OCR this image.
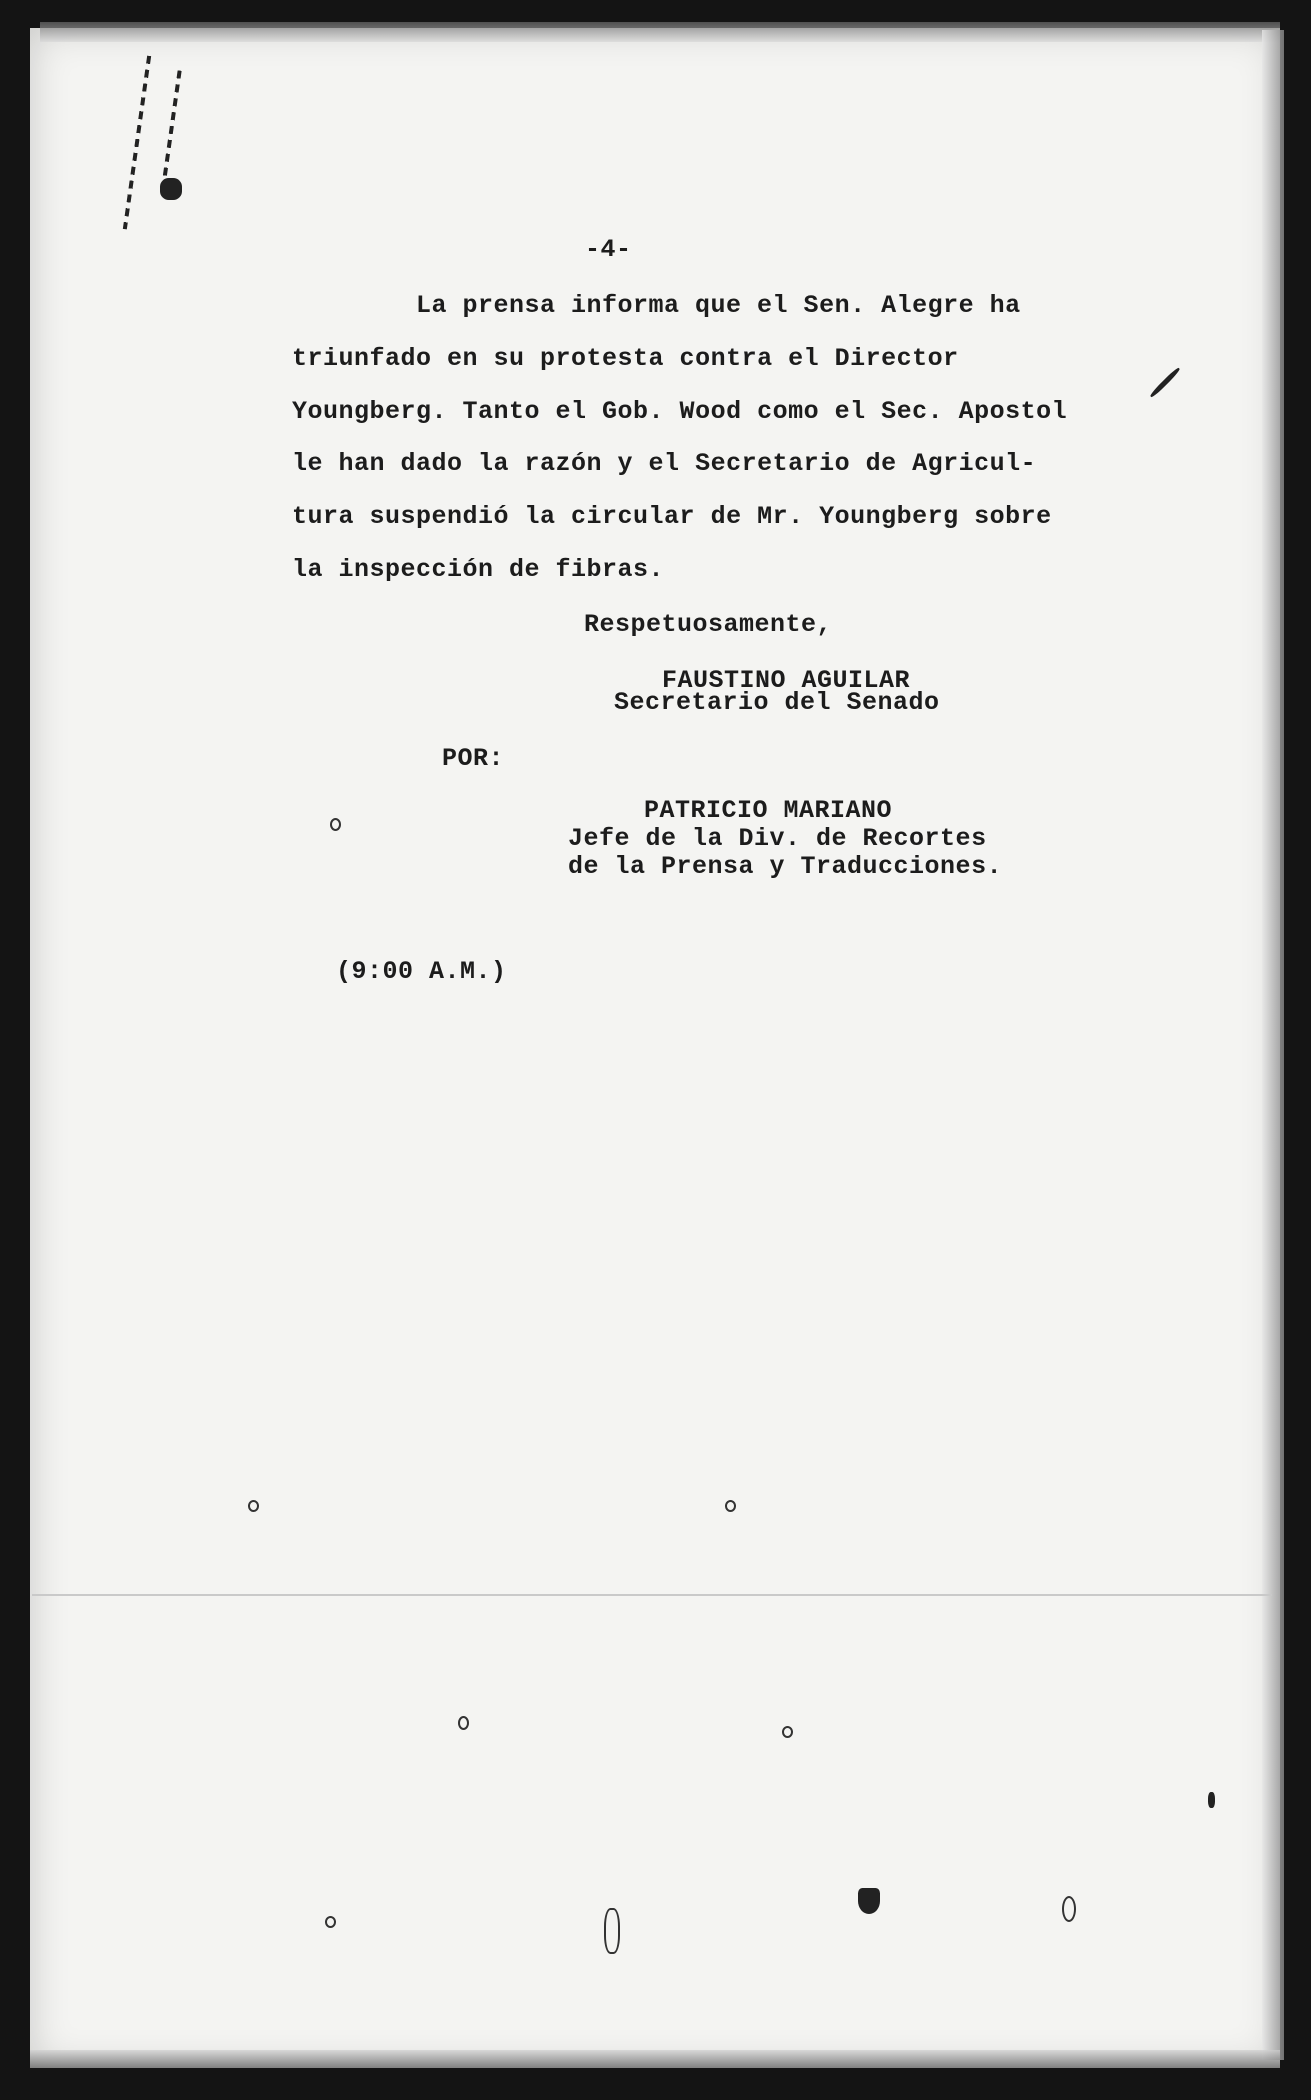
-4-

La prensa informa que el Sen. Alegre ha

triunfado en su protesta contra el Director

Youngberg. Tanto el Gob. Wood como el Sec. Apostol

le han dado la razón y el Secretario de Agricul-

tura suspendió la circular de Mr. Youngberg sobre

la inspección de fibras.

Respetuosamente,

FAUSTINO AGUILAR

Secretario del Senado

POR:

PATRICIO MARIANO

Jefe de la Div. de Recortes

de la Prensa y Traducciones.

(9:00 A.M.)
